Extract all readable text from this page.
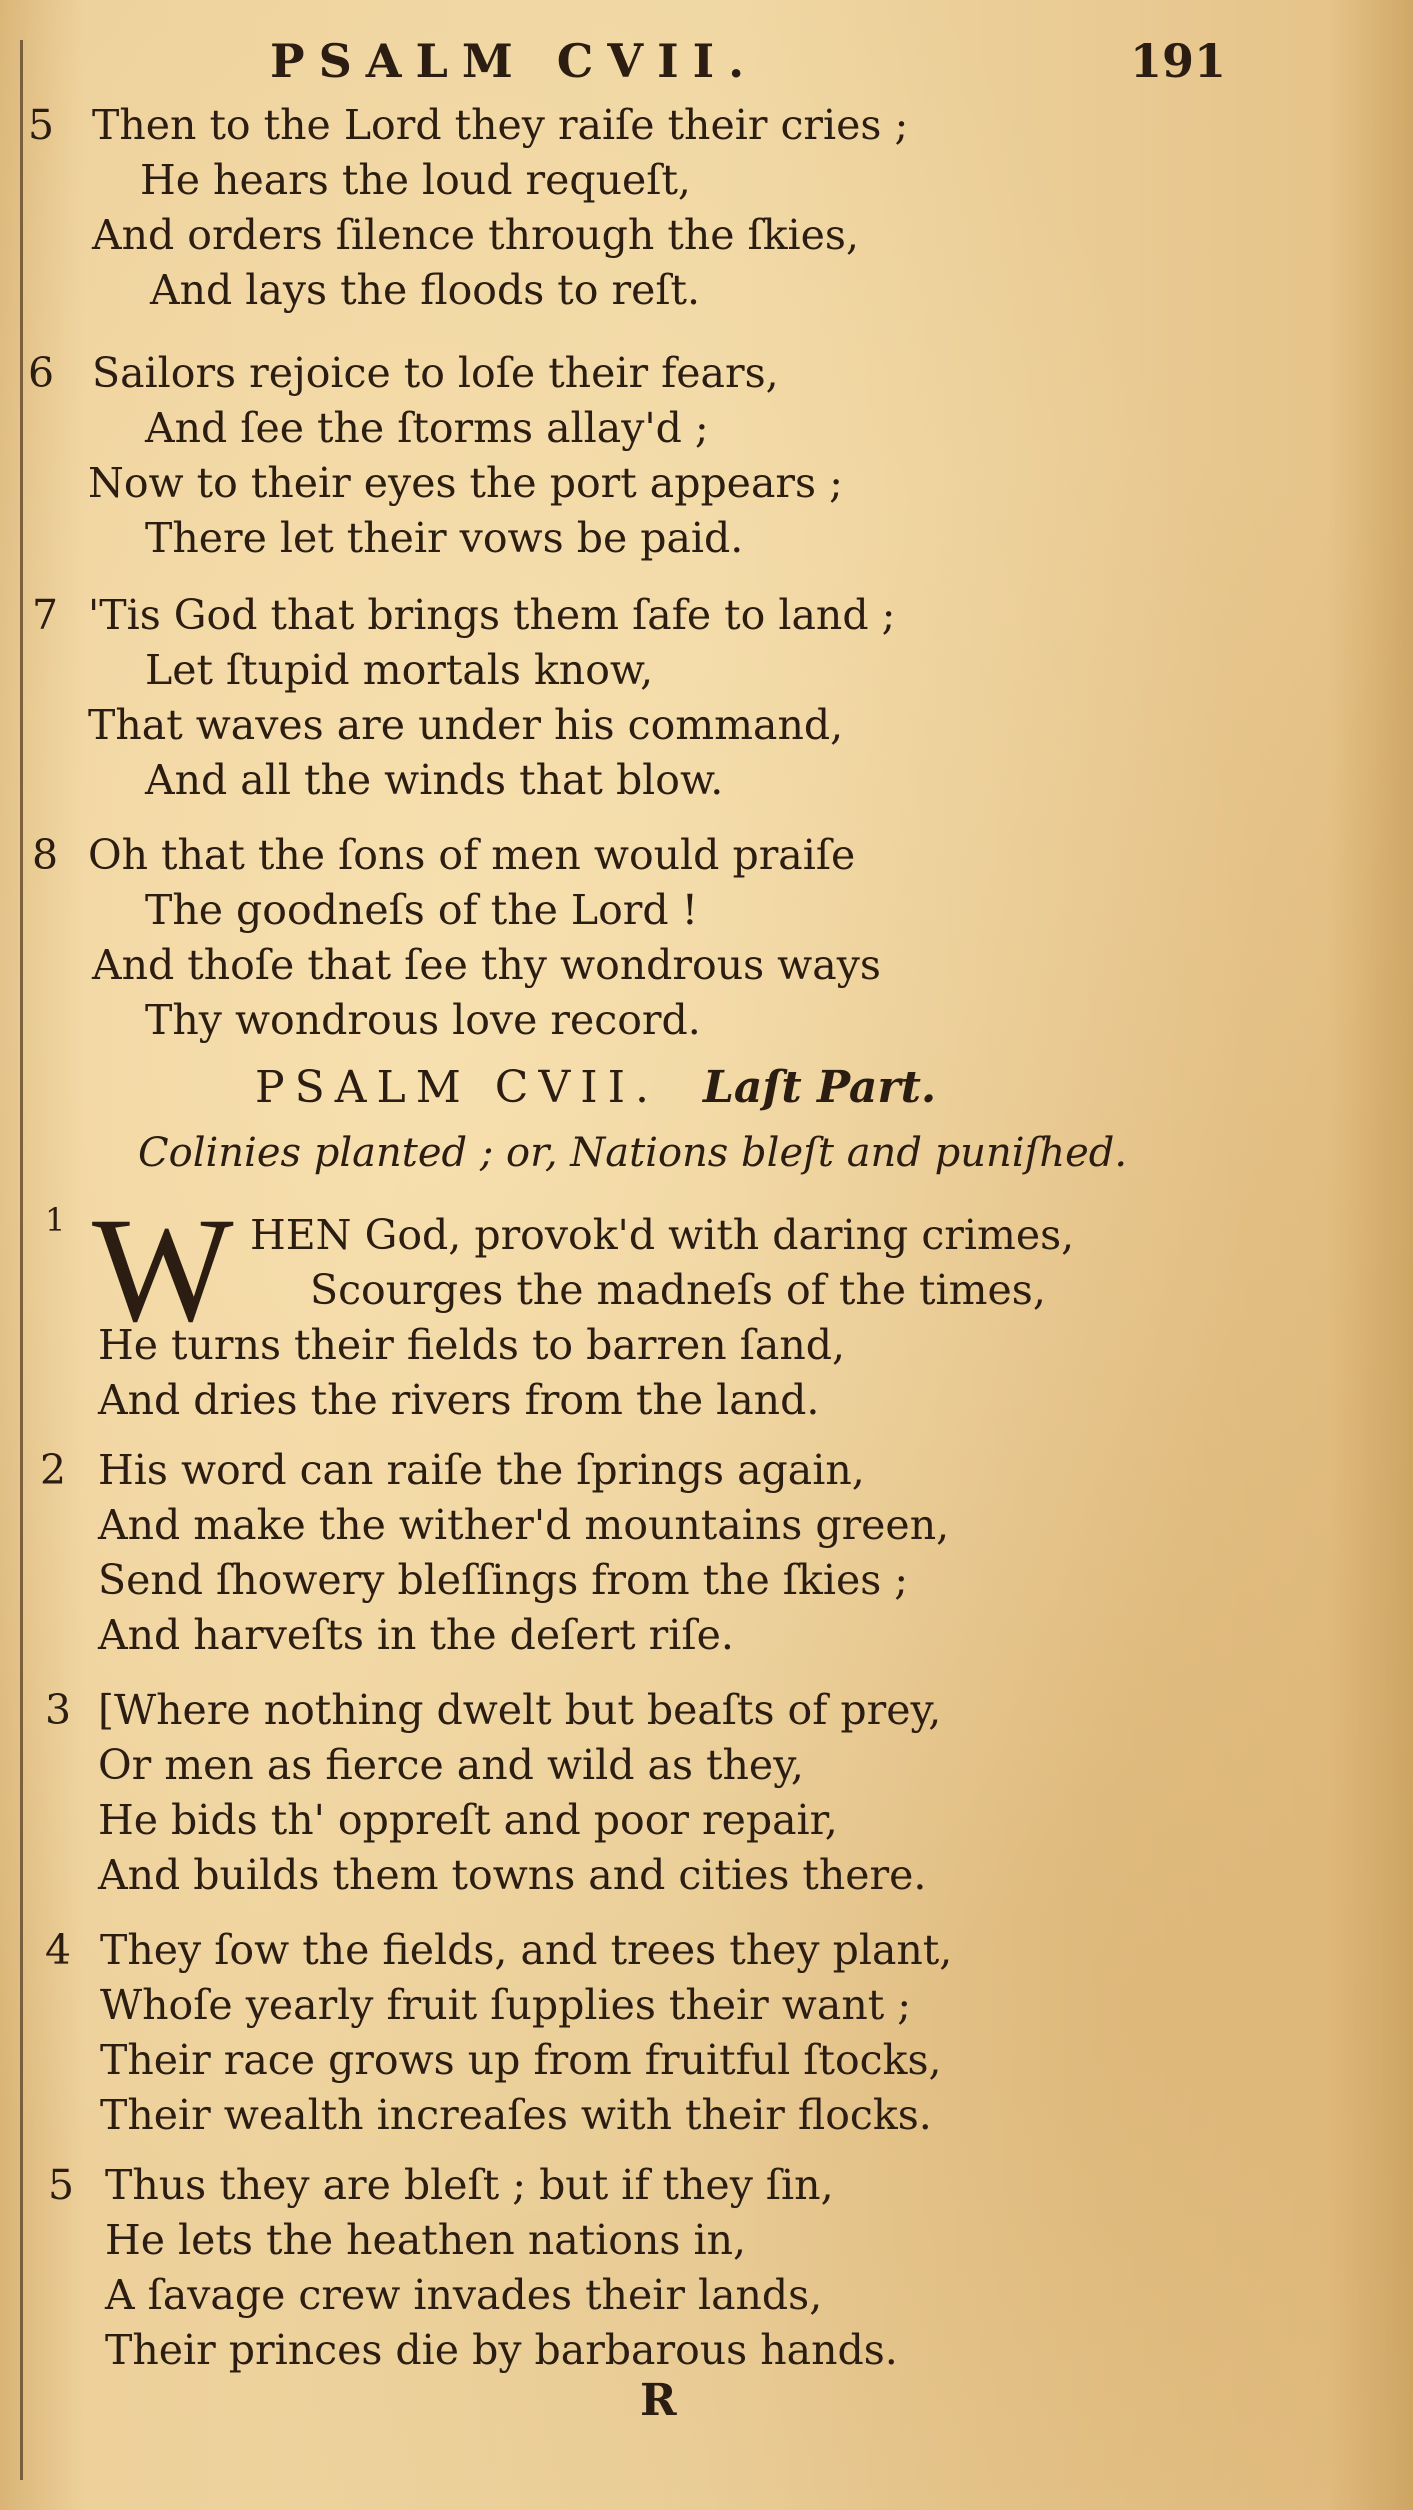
PSALM CVII.	191
5 Then to the Lord they raiſe their cries ;
He hears the loud requeſt,
And orders ſilence through the ſkies,
And lays the floods to reſt.
6 Sailors rejoice to loſe their fears,
And ſee the ſtorms allay'd ;
Now to their eyes the port appears ;
There let their vows be paid.
7 'Tis God that brings them ſafe to land ;
Let ſtupid mortals know,
That waves are under his command,
And all the winds that blow.
8 Oh that the ſons of men would praiſe
The goodneſs of the Lord !
And thoſe that ſee thy wondrous ways
Thy wondrous love record.
PSALM CVII. Laſt Part.
Colinies planted ; or, Nations bleſt and puniſhed.
1 W HEN God, provok'd with daring crimes,
Scourges the madneſs of the times,
He turns their fields to barren ſand,
And dries the rivers from the land.
2 His word can raiſe the ſprings again,
And make the wither'd mountains green,
Send ſhowery bleſſings from the ſkies ;
And harveſts in the deſert riſe.
3 [Where nothing dwelt but beaſts of prey,
Or men as fierce and wild as they,
He bids th' oppreſt and poor repair,
And builds them towns and cities there.
4 They ſow the fields, and trees they plant,
Whoſe yearly fruit ſupplies their want ;
Their race grows up from fruitful ſtocks,
Their wealth increaſes with their flocks.
5 Thus they are bleſt ; but if they ſin,
He lets the heathen nations in,
A ſavage crew invades their lands,
Their princes die by barbarous hands.
R
